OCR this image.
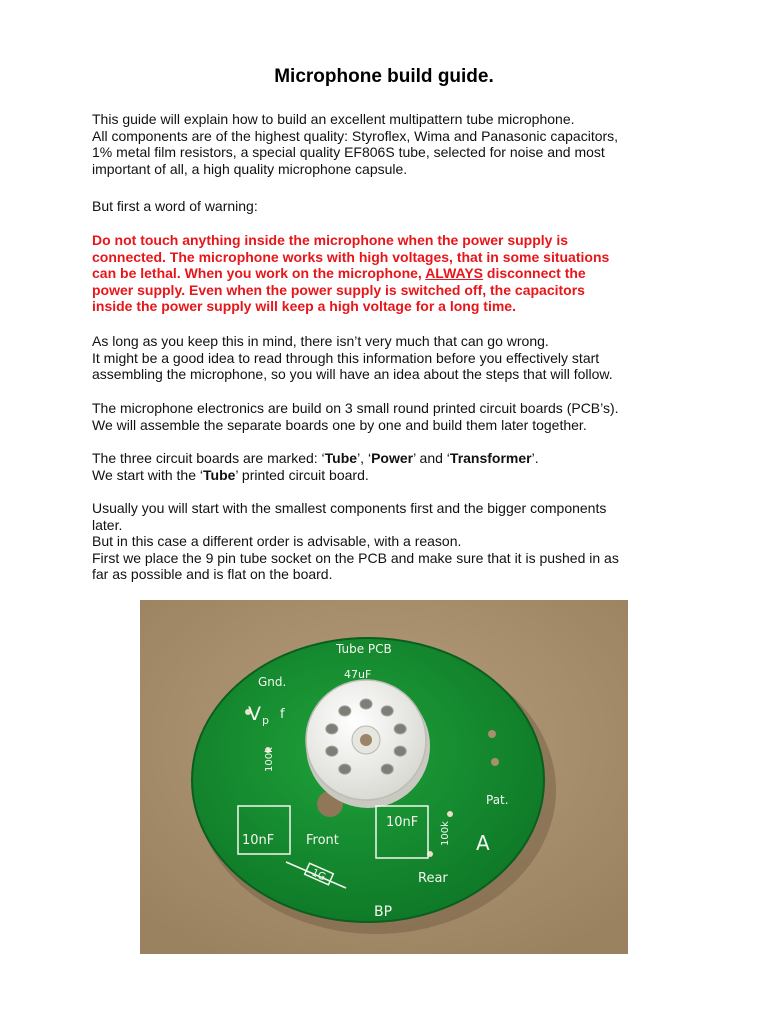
Microphone build guide.

This guide will explain how to build an excellent multipattern tube microphone.
All components are of the highest quality: Styroflex, Wima and Panasonic capacitors,
1% metal film resistors, a special quality EF806S tube, selected for noise and most
important of all, a high quality microphone capsule.

But first a word of warning:

Do not touch anything inside the microphone when the power supply is
connected. The microphone works with high voltages, that in some situations
can be lethal. When you work on the microphone, ALWAYS disconnect the
power supply. Even when the power supply is switched off, the capacitors
inside the power supply will keep a high voltage for a long time.

As long as you keep this in mind, there isn’t very much that can go wrong.
It might be a good idea to read through this information before you effectively start
assembling the microphone, so you will have an idea about the steps that will follow.

The microphone electronics are build on 3 small round printed circuit boards (PCB’s).
We will assemble the separate boards one by one and build them later together.

The three circuit boards are marked: ‘Tube’, ‘Power’ and ‘Transformer’.
We start with the ‘Tube’ printed circuit board.

Usually you will start with the smallest components first and the bigger components
later.
But in this case a different order is advisable, with a reason.
First we place the 9 pin tube socket on the PCB and make sure that it is pushed in as
far as possible and is flat on the board.

Tube PCB
47uF
Gnd.
V p f
100k
10nF Front
1G
BP
10nF
Rear
100k A
Pat.
